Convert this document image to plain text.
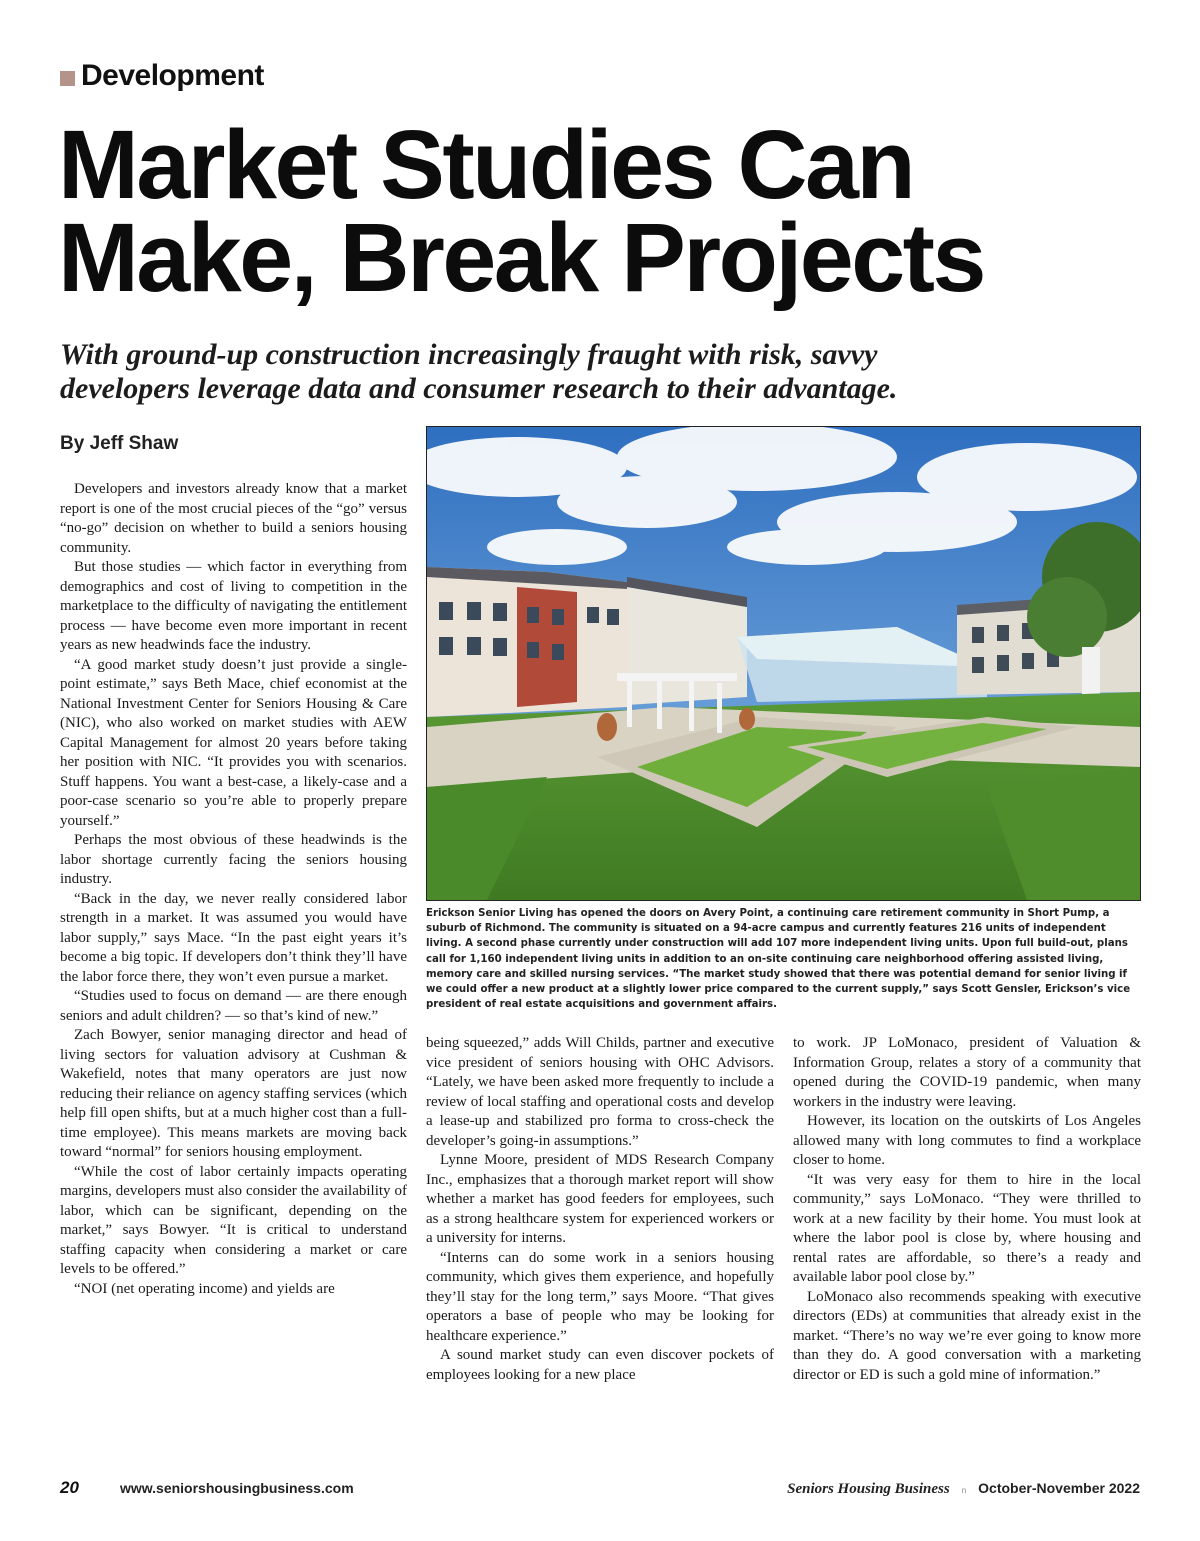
Development
Market Studies Can
Make, Break Projects
With ground-up construction increasingly fraught with risk, savvy
developers leverage data and consumer research to their advantage.
By Jeff Shaw

Developers and investors already know that a market report is one of the most crucial pieces of the “go” versus “no-go” decision on whether to build a seniors housing community.

But those studies — which factor in everything from demographics and cost of living to competition in the marketplace to the difficulty of navigating the entitlement process — have become even more important in recent years as new headwinds face the industry.

“A good market study doesn’t just provide a single-point estimate,” says Beth Mace, chief economist at the National Investment Center for Seniors Housing & Care (NIC), who also worked on market studies with AEW Capital Management for almost 20 years before taking her position with NIC. “It provides you with scenarios. Stuff happens. You want a best-case, a likely-case and a poor-case scenario so you’re able to properly prepare yourself.”

Perhaps the most obvious of these headwinds is the labor shortage currently facing the seniors housing industry.

“Back in the day, we never really considered labor strength in a market. It was assumed you would have labor supply,” says Mace. “In the past eight years it’s become a big topic. If developers don’t think they’ll have the labor force there, they won’t even pursue a market.

“Studies used to focus on demand — are there enough seniors and adult children? — so that’s kind of new.”

Zach Bowyer, senior managing director and head of living sectors for valuation advisory at Cushman & Wakefield, notes that many operators are just now reducing their reliance on agency staffing services (which help fill open shifts, but at a much higher cost than a full-time employee). This means markets are moving back toward “normal” for seniors housing employment.

“While the cost of labor certainly impacts operating margins, developers must also consider the availability of labor, which can be significant, depending on the market,” says Bowyer. “It is critical to understand staffing capacity when considering a market or care levels to be offered.”

“NOI (net operating income) and yields are

Erickson Senior Living has opened the doors on Avery Point, a continuing care retirement community in Short Pump, a suburb of Richmond. The community is situated on a 94-acre campus and currently features 216 units of independent living. A second phase currently under construction will add 107 more independent living units. Upon full build-out, plans call for 1,160 independent living units in addition to an on-site continuing care neighborhood offering assisted living, memory care and skilled nursing services. “The market study showed that there was potential demand for senior living if we could offer a new product at a slightly lower price compared to the current supply,” says Scott Gensler, Erickson’s vice president of real estate acquisitions and government affairs.

being squeezed,” adds Will Childs, partner and executive vice president of seniors housing with OHC Advisors. “Lately, we have been asked more frequently to include a review of local staffing and operational costs and develop a lease-up and stabilized pro forma to cross-check the developer’s going-in assumptions.”

Lynne Moore, president of MDS Research Company Inc., emphasizes that a thorough market report will show whether a market has good feeders for employees, such as a strong healthcare system for experienced workers or a university for interns.

“Interns can do some work in a seniors housing community, which gives them experience, and hopefully they’ll stay for the long term,” says Moore. “That gives operators a base of people who may be looking for healthcare experience.”

A sound market study can even discover pockets of employees looking for a new place

to work. JP LoMonaco, president of Valuation & Information Group, relates a story of a community that opened during the COVID-19 pandemic, when many workers in the industry were leaving.

However, its location on the outskirts of Los Angeles allowed many with long commutes to find a workplace closer to home.

“It was very easy for them to hire in the local community,” says LoMonaco. “They were thrilled to work at a new facility by their home. You must look at where the labor pool is close by, where housing and rental rates are affordable, so there’s a ready and available labor pool close by.”

LoMonaco also recommends speaking with executive directors (EDs) at communities that already exist in the market. “There’s no way we’re ever going to know more than they do. A good conversation with a marketing director or ED is such a gold mine of information.”

20	www.seniorshousingbusiness.com	Seniors Housing Business n October-November 2022
